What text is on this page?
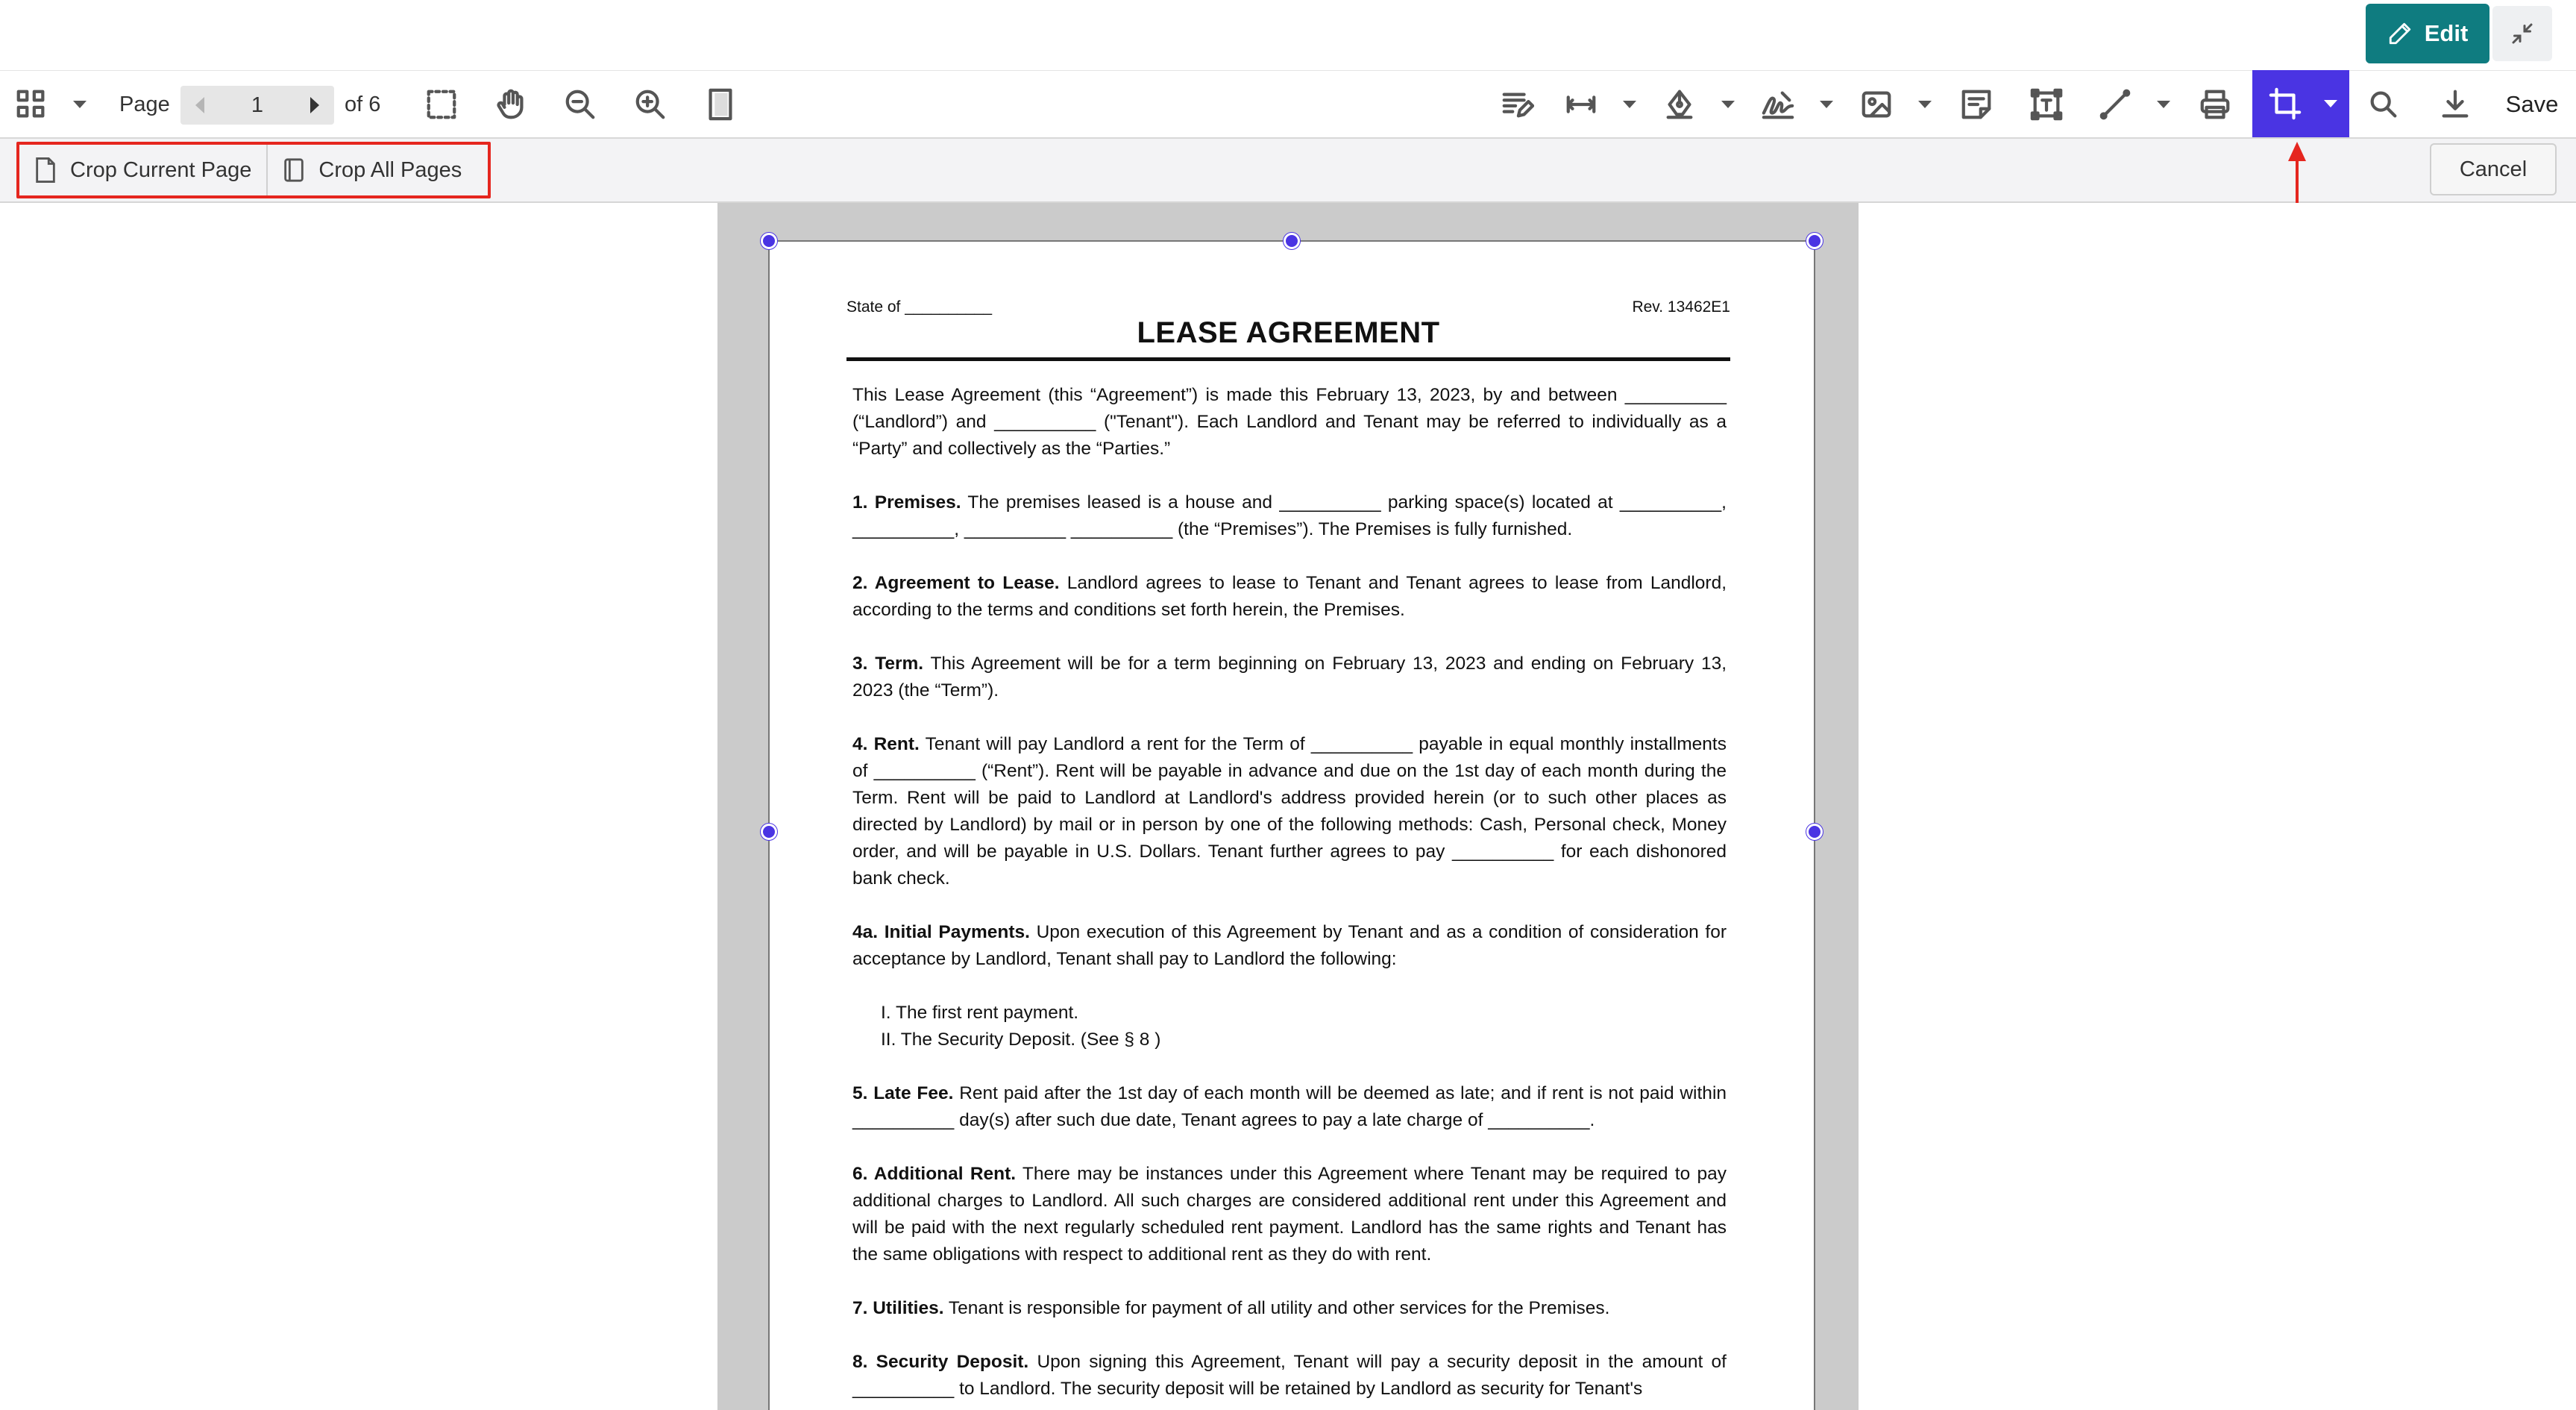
Edit
Page
1	of 6	Save
Crop Current Page	Crop All Pages	Cancel
State of __________	Rev. 13462E1
LEASE AGREEMENT

This Lease Agreement (this “Agreement”) is made this February 13, 2023, by and between __________ (“Landlord”) and __________ ("Tenant"). Each Landlord and Tenant may be referred to individually as a “Party” and collectively as the “Parties.”

1. Premises. The premises leased is a house and __________ parking space(s) located at __________, __________, __________ __________ (the “Premises”). The Premises is fully furnished.

2. Agreement to Lease. Landlord agrees to lease to Tenant and Tenant agrees to lease from Landlord, according to the terms and conditions set forth herein, the Premises.

3. Term. This Agreement will be for a term beginning on February 13, 2023 and ending on February 13, 2023 (the “Term”).

4. Rent. Tenant will pay Landlord a rent for the Term of __________ payable in equal monthly installments of __________ (“Rent”). Rent will be payable in advance and due on the 1st day of each month during the Term. Rent will be paid to Landlord at Landlord's address provided herein (or to such other places as directed by Landlord) by mail or in person by one of the following methods: Cash, Personal check, Money order, and will be payable in U.S. Dollars. Tenant further agrees to pay __________ for each dishonored bank check.

4a. Initial Payments. Upon execution of this Agreement by Tenant and as a condition of consideration for acceptance by Landlord, Tenant shall pay to Landlord the following:

I. The first rent payment.
II. The Security Deposit. (See § 8 )

5. Late Fee. Rent paid after the 1st day of each month will be deemed as late; and if rent is not paid within __________ day(s) after such due date, Tenant agrees to pay a late charge of __________.

6. Additional Rent. There may be instances under this Agreement where Tenant may be required to pay additional charges to Landlord. All such charges are considered additional rent under this Agreement and will be paid with the next regularly scheduled rent payment. Landlord has the same rights and Tenant has the same obligations with respect to additional rent as they do with rent.

7. Utilities. Tenant is responsible for payment of all utility and other services for the Premises.

8. Security Deposit. Upon signing this Agreement, Tenant will pay a security deposit in the amount of __________ to Landlord. The security deposit will be retained by Landlord as security for Tenant's
